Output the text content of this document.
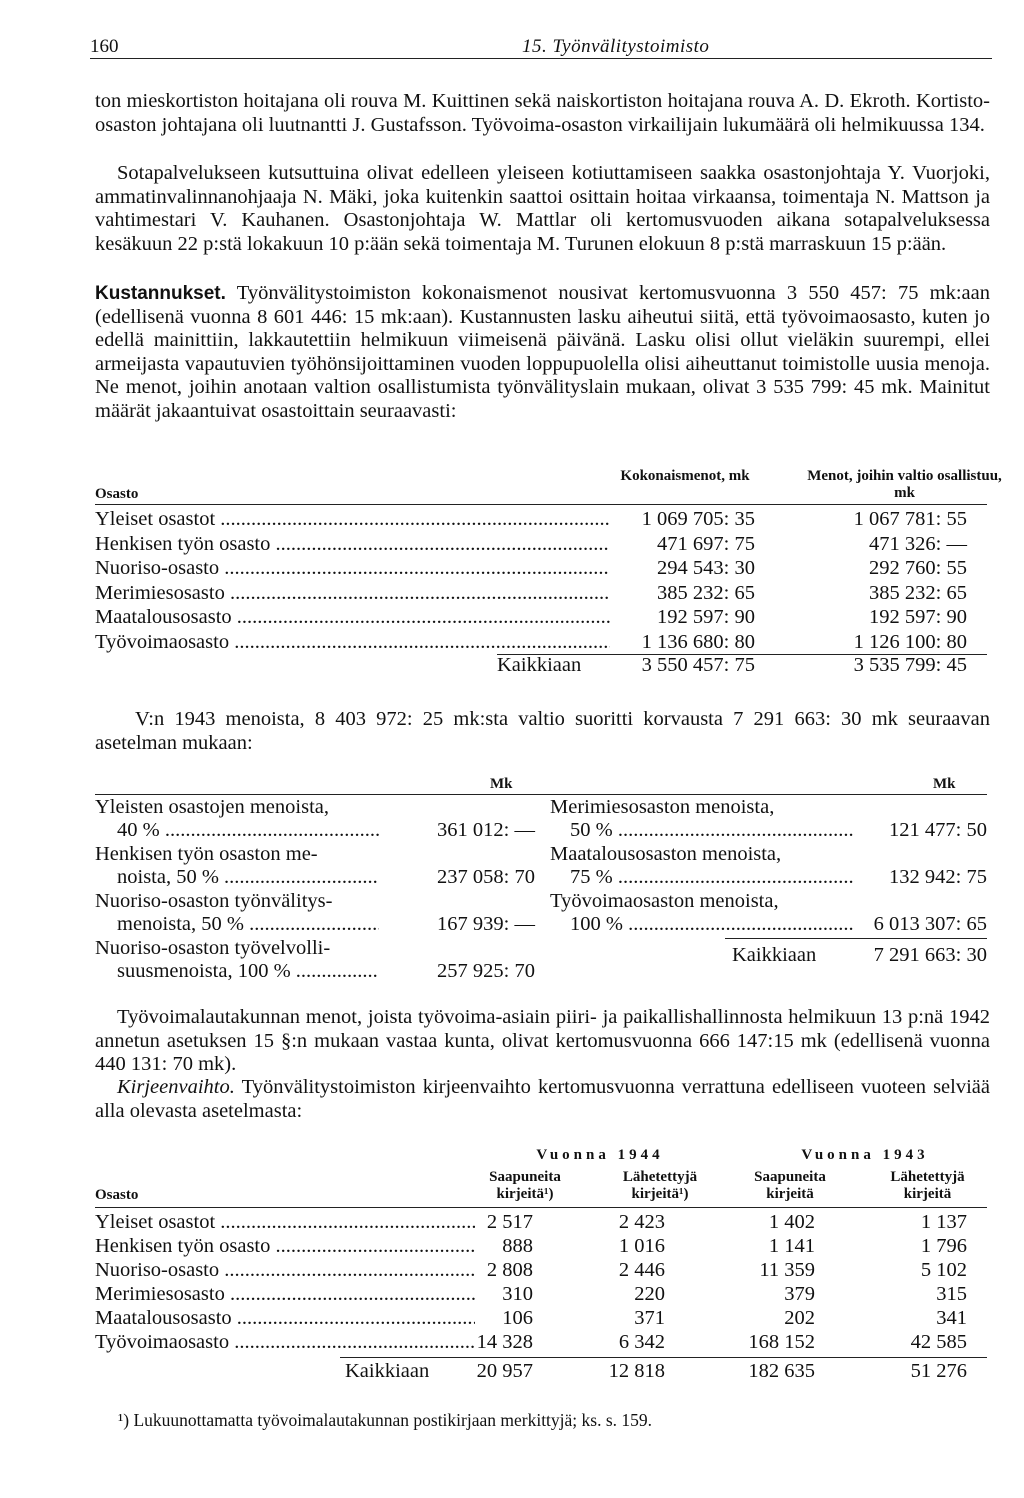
160	15. Työnvälitystoimisto

ton mieskortiston hoitajana oli rouva M. Kuittinen sekä naiskortiston hoitajana rouva A. D. Ekroth. Kortisto-osaston johtajana oli luutnantti J. Gustafsson. Työvoima-osaston virkailijain lukumäärä oli helmikuussa 134.

Sotapalvelukseen kutsuttuina olivat edelleen yleiseen kotiuttamiseen saakka osastonjohtaja Y. Vuorjoki, ammatinvalinnanohjaaja N. Mäki, joka kuitenkin saattoi osittain hoitaa virkaansa, toimentaja N. Mattson ja vahtimestari V. Kauhanen. Osastonjohtaja W. Mattlar oli kertomusvuoden aikana sotapalveluksessa kesäkuun 22 p:stä lokakuun 10 p:ään sekä toimentaja M. Turunen elokuun 8 p:stä marraskuun 15 p:ään.

Kustannukset. Työnvälitystoimiston kokonaismenot nousivat kertomusvuonna 3 550 457: 75 mk:aan (edellisenä vuonna 8 601 446: 15 mk:aan). Kustannusten lasku aiheutui siitä, että työvoimaosasto, kuten jo edellä mainittiin, lakkautettiin helmikuun viimeisenä päivänä. Lasku olisi ollut vieläkin suurempi, ellei armeijasta vapautuvien työhönsijoittaminen vuoden loppupuolella olisi aiheuttanut toimistolle uusia menoja. Ne menot, joihin anotaan valtion osallistumista työnvälityslain mukaan, olivat 3 535 799: 45 mk. Mainitut määrät jakaantuivat osastoittain seuraavasti:

Kokonaismenot, mk	Menot, joihin valtio osallistuu, mk
Osasto
Yleiset osastot .....	1 069 705: 35	1 067 781: 55
Henkisen työn osasto .....	471 697: 75	471 326: —
Nuoriso-osasto .....	294 543: 30	292 760: 55
Merimiesosasto .....	385 232: 65	385 232: 65
Maatalousosasto .....	192 597: 90	192 597: 90
Työvoimaosasto .....	1 136 680: 80	1 126 100: 80
Kaikkiaan	3 550 457: 75	3 535 799: 45

V:n 1943 menoista, 8 403 972: 25 mk:sta valtio suoritti korvausta 7 291 663: 30 mk seuraavan asetelman mukaan:

Mk	Mk
Yleisten osastojen menoista,
40 % .....	361 012: —
Henkisen työn osaston me-
noista, 50 % .....	237 058: 70
Nuoriso-osaston työnvälitys-
menoista, 50 % .....	167 939: —
Nuoriso-osaston työvelvolli-
suusmenoista, 100 % .....	257 925: 70
Merimiesosaston menoista,
50 % .....	121 477: 50
Maatalousosaston menoista,
75 % .....	132 942: 75
Työvoimaosaston menoista,
100 % .....	6 013 307: 65
Kaikkiaan	7 291 663: 30

Työvoimalautakunnan menot, joista työvoima-asiain piiri- ja paikallishallinnosta helmikuun 13 p:nä 1942 annetun asetuksen 15 §:n mukaan vastaa kunta, olivat kertomusvuonna 666 147:15 mk (edellisenä vuonna 440 131: 70 mk).

Kirjeenvaihto. Työnvälitystoimiston kirjeenvaihto kertomusvuonna verrattuna edelliseen vuoteen selviää alla olevasta asetelmasta:

Vuonna 1944	Vuonna 1943
Saapuneita kirjeitä¹)
Lähetettyjä kirjeitä¹)
Saapuneita kirjeitä
Lähetettyjä kirjeitä
Osasto
Yleiset osastot .....	2 517	2 423	1 402	1 137
Henkisen työn osasto .....	888	1 016	1 141	1 796
Nuoriso-osasto .....	2 808	2 446	11 359	5 102
Merimiesosasto .....	310	220	379	315
Maatalousosasto .....	106	371	202	341
Työvoimaosasto .....	14 328	6 342	168 152	42 585
Kaikkiaan 20 957	12 818	182 635	51 276
¹) Lukuunottamatta työvoimalautakunnan postikirjaan merkittyjä; ks. s. 159.
